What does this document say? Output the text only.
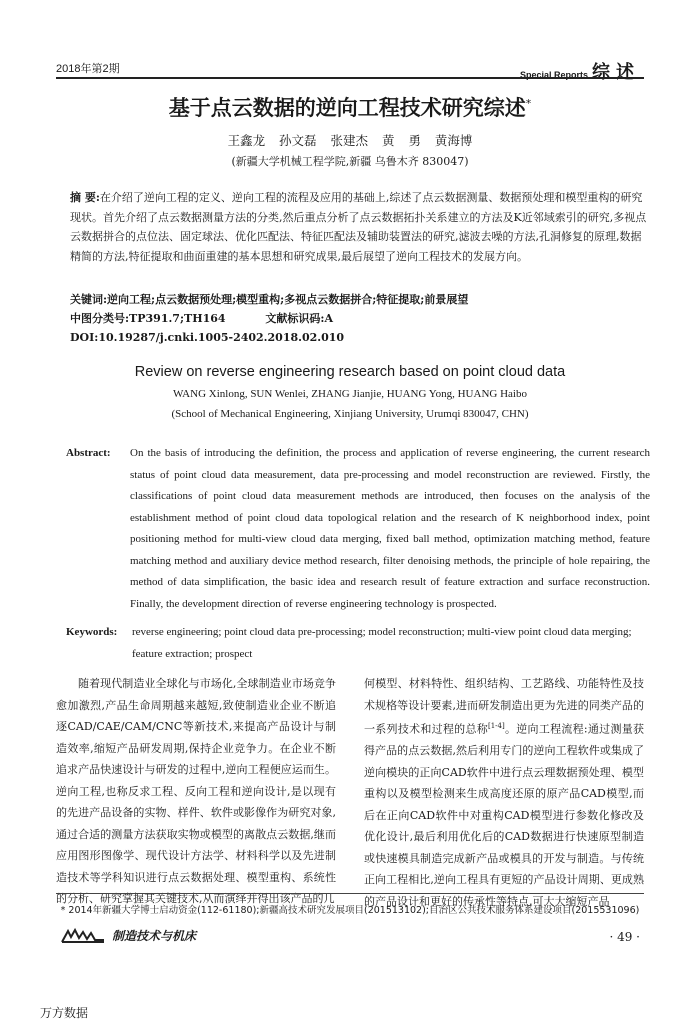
2018年第2期	Special Reports 综述
基于点云数据的逆向工程技术研究综述*
王鑫龙 孙文磊 张建杰 黄 勇 黄海博
(新疆大学机械工程学院,新疆 乌鲁木齐 830047)
摘 要:在介绍了逆向工程的定义、逆向工程的流程及应用的基础上,综述了点云数据测量、数据预处理和模型重构的研究现状。首先介绍了点云数据测量方法的分类,然后重点分析了点云数据拓扑关系建立的方法及K近邻域索引的研究,多视点云数据拼合的点位法、固定球法、优化匹配法、特征匹配法及辅助装置法的研究,滤波去噪的方法,孔洞修复的原理,数据精简的方法,特征提取和曲面重建的基本思想和研究成果,最后展望了逆向工程技术的发展方向。
关键词:逆向工程;点云数据预处理;模型重构;多视点云数据拼合;特征提取;前景展望
中图分类号:TP391.7;TH164	文献标识码:A
DOI:10.19287/j.cnki.1005-2402.2018.02.010
Review on reverse engineering research based on point cloud data
WANG Xinlong, SUN Wenlei, ZHANG Jianjie, HUANG Yong, HUANG Haibo
(School of Mechanical Engineering, Xinjiang University, Urumqi 830047, CHN)
Abstract: On the basis of introducing the definition, the process and application of reverse engineering, the current research status of point cloud data measurement, data pre-processing and model reconstruction are reviewed. Firstly, the classifications of point cloud data measurement methods are introduced, then focuses on the analysis of the establishment method of point cloud data topological relation and the research of K neighborhood index, point positioning method for multi-view cloud data merging, fixed ball method, optimization matching method, feature matching method and auxiliary device method research, filter denoising methods, the principle of hole repairing, the method of data simplification, the basic idea and research result of feature extraction and surface reconstruction. Finally, the development direction of reverse engineering technology is prospected.
Keywords: reverse engineering; point cloud data pre-processing; model reconstruction; multi-view point cloud data merging; feature extraction; prospect

随着现代制造业全球化与市场化,全球制造业市场竞争愈加激烈,产品生命周期越来越短,致使制造业企业不断追逐CAD/CAE/CAM/CNC等新技术,来提高产品设计与制造效率,缩短产品研发周期,保持企业竞争力。在企业不断追求产品快速设计与研发的过程中,逆向工程便应运而生。逆向工程,也称反求工程、反向工程和逆向设计,是以现有的先进产品设备的实物、样件、软件或影像作为研究对象,通过合适的测量方法获取实物或模型的离散点云数据,继而应用图形图像学、现代设计方法学、材料科学以及先进制造技术等学科知识进行点云数据处理、模型重构、系统性的分析、研究掌握其关键技术,从而演绎并得出该产品的几

何模型、材料特性、组织结构、工艺路线、功能特性及技术规格等设计要素,进而研发制造出更为先进的同类产品的一系列技术和过程的总称[1-4]。逆向工程流程:通过测量获得产品的点云数据,然后利用专门的逆向工程软件或集成了逆向模块的正向CAD软件中进行点云理数据预处理、模型重构以及模型检测来生成高度还原的原产品CAD模型,而后在正向CAD软件中对重构CAD模型进行参数化修改及优化设计,最后利用优化后的CAD数据进行快速原型制造或快速模具制造完成新产品或模具的开发与制造。与传统正向工程相比,逆向工程具有更短的产品设计周期、更成熟的产品设计和更好的传承性等特点,可大大缩短产品

* 2014年新疆大学博士启动资金(112-61180);新疆高技术研究发展项目(201513102);自治区公共技术服务体系建设项目(2015531096)
制造技术与机床	· 49 ·
万方数据
